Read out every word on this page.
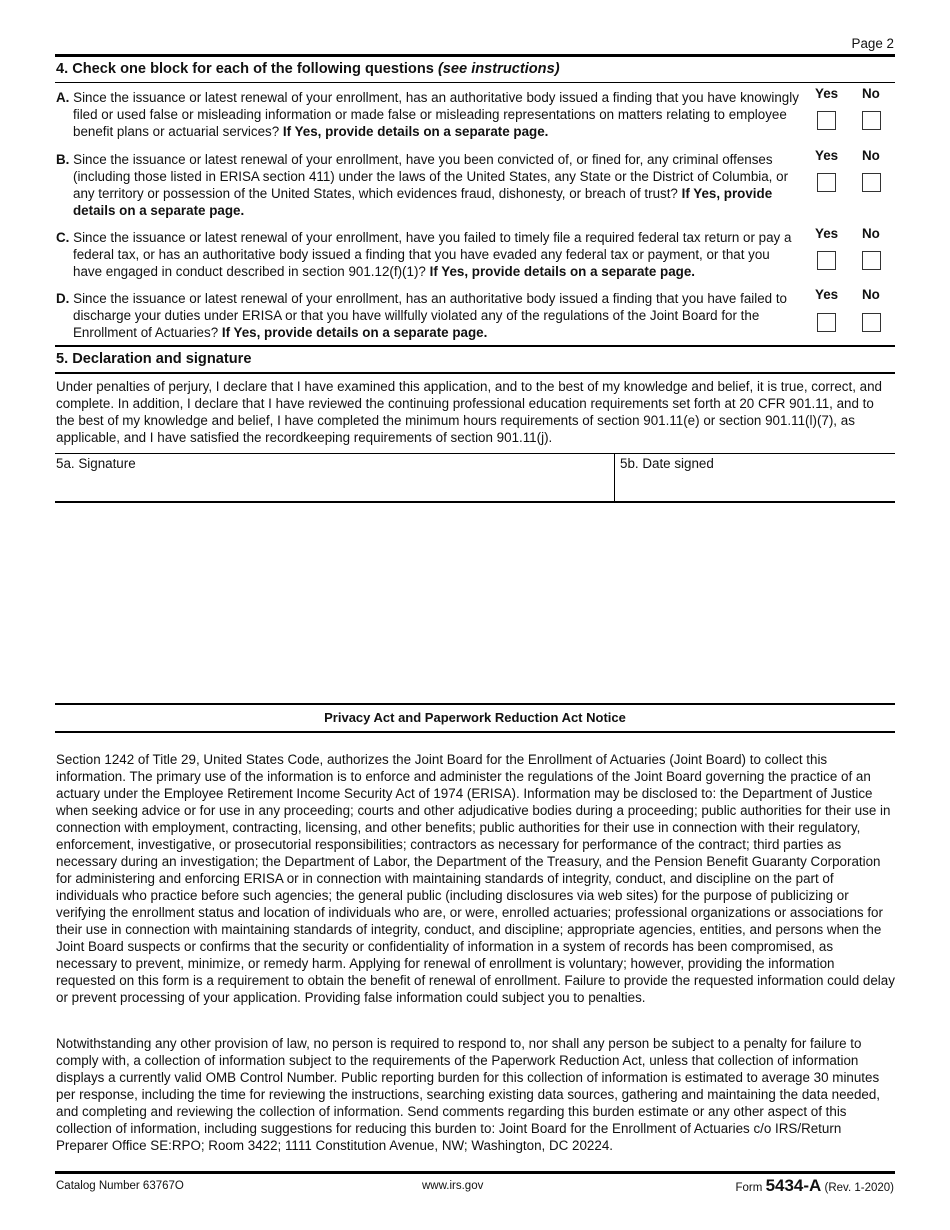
Page 2
4. Check one block for each of the following questions (see instructions)
A. Since the issuance or latest renewal of your enrollment, has an authoritative body issued a finding that you have knowingly filed or used false or misleading information or made false or misleading representations on matters relating to employee benefit plans or actuarial services? If Yes, provide details on a separate page.
Yes No
B. Since the issuance or latest renewal of your enrollment, have you been convicted of, or fined for, any criminal offenses (including those listed in ERISA section 411) under the laws of the United States, any State or the District of Columbia, or any territory or possession of the United States, which evidences fraud, dishonesty, or breach of trust? If Yes, provide details on a separate page.
Yes No
C. Since the issuance or latest renewal of your enrollment, have you failed to timely file a required federal tax return or pay a federal tax, or has an authoritative body issued a finding that you have evaded any federal tax or payment, or that you have engaged in conduct described in section 901.12(f)(1)? If Yes, provide details on a separate page.
Yes No
D. Since the issuance or latest renewal of your enrollment, has an authoritative body issued a finding that you have failed to discharge your duties under ERISA or that you have willfully violated any of the regulations of the Joint Board for the Enrollment of Actuaries? If Yes, provide details on a separate page.
Yes No
5. Declaration and signature
Under penalties of perjury, I declare that I have examined this application, and to the best of my knowledge and belief, it is true, correct, and complete. In addition, I declare that I have reviewed the continuing professional education requirements set forth at 20 CFR 901.11, and to the best of my knowledge and belief, I have completed the minimum hours requirements of section 901.11(e) or section 901.11(l)(7), as applicable, and I have satisfied the recordkeeping requirements of section 901.11(j).
5a. Signature	5b. Date signed
Privacy Act and Paperwork Reduction Act Notice
Section 1242 of Title 29, United States Code, authorizes the Joint Board for the Enrollment of Actuaries (Joint Board) to collect this information. The primary use of the information is to enforce and administer the regulations of the Joint Board governing the practice of an actuary under the Employee Retirement Income Security Act of 1974 (ERISA). Information may be disclosed to: the Department of Justice when seeking advice or for use in any proceeding; courts and other adjudicative bodies during a proceeding; public authorities for their use in connection with employment, contracting, licensing, and other benefits; public authorities for their use in connection with their regulatory, enforcement, investigative, or prosecutorial responsibilities; contractors as necessary for performance of the contract; third parties as necessary during an investigation; the Department of Labor, the Department of the Treasury, and the Pension Benefit Guaranty Corporation for administering and enforcing ERISA or in connection with maintaining standards of integrity, conduct, and discipline on the part of individuals who practice before such agencies; the general public (including disclosures via web sites) for the purpose of publicizing or verifying the enrollment status and location of individuals who are, or were, enrolled actuaries; professional organizations or associations for their use in connection with maintaining standards of integrity, conduct, and discipline; appropriate agencies, entities, and persons when the Joint Board suspects or confirms that the security or confidentiality of information in a system of records has been compromised, as necessary to prevent, minimize, or remedy harm. Applying for renewal of enrollment is voluntary; however, providing the information requested on this form is a requirement to obtain the benefit of renewal of enrollment. Failure to provide the requested information could delay or prevent processing of your application. Providing false information could subject you to penalties.
Notwithstanding any other provision of law, no person is required to respond to, nor shall any person be subject to a penalty for failure to comply with, a collection of information subject to the requirements of the Paperwork Reduction Act, unless that collection of information displays a currently valid OMB Control Number. Public reporting burden for this collection of information is estimated to average 30 minutes per response, including the time for reviewing the instructions, searching existing data sources, gathering and maintaining the data needed, and completing and reviewing the collection of information. Send comments regarding this burden estimate or any other aspect of this collection of information, including suggestions for reducing this burden to: Joint Board for the Enrollment of Actuaries c/o IRS/Return Preparer Office SE:RPO; Room 3422; 1111 Constitution Avenue, NW; Washington, DC 20224.
Catalog Number 63767O	www.irs.gov	Form 5434-A (Rev. 1-2020)
